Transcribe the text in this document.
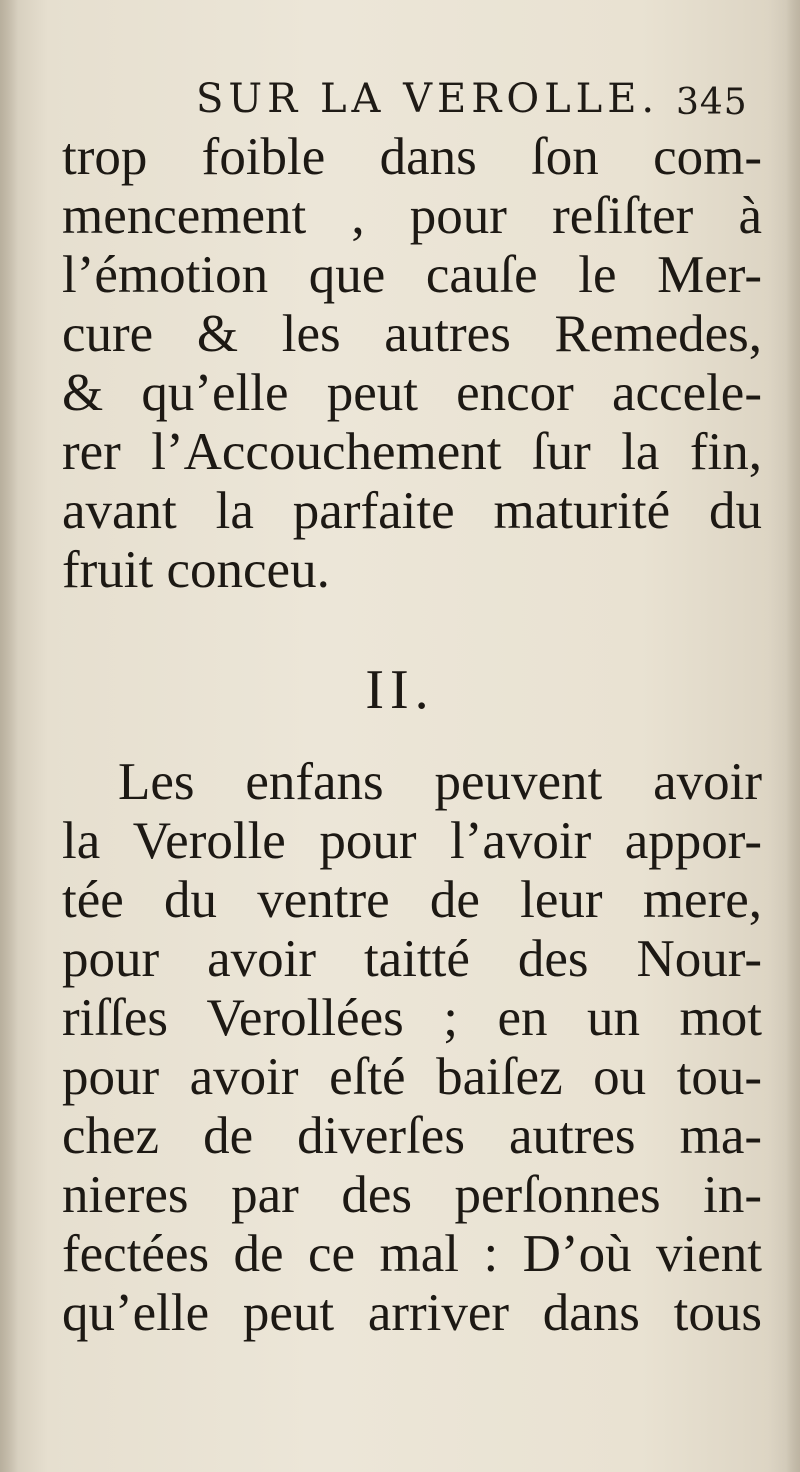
SUR LA VEROLLE. 345
trop foible dans ſon com-
mencement , pour reſiſter à
l’émotion que cauſe le Mer-
cure & les autres Remedes,
& qu’elle peut encor accele-
rer l’Accouchement ſur la fin,
avant la parfaite maturité du
fruit conceu.
II.
Les enfans peuvent avoir
la Verolle pour l’avoir appor-
tée du ventre de leur mere,
pour avoir taitté des Nour-
riſſes Verollées ; en un mot
pour avoir eſté baiſez ou tou-
chez de diverſes autres ma-
nieres par des perſonnes in-
fectées de ce mal : D’où vient
qu’elle peut arriver dans tous
